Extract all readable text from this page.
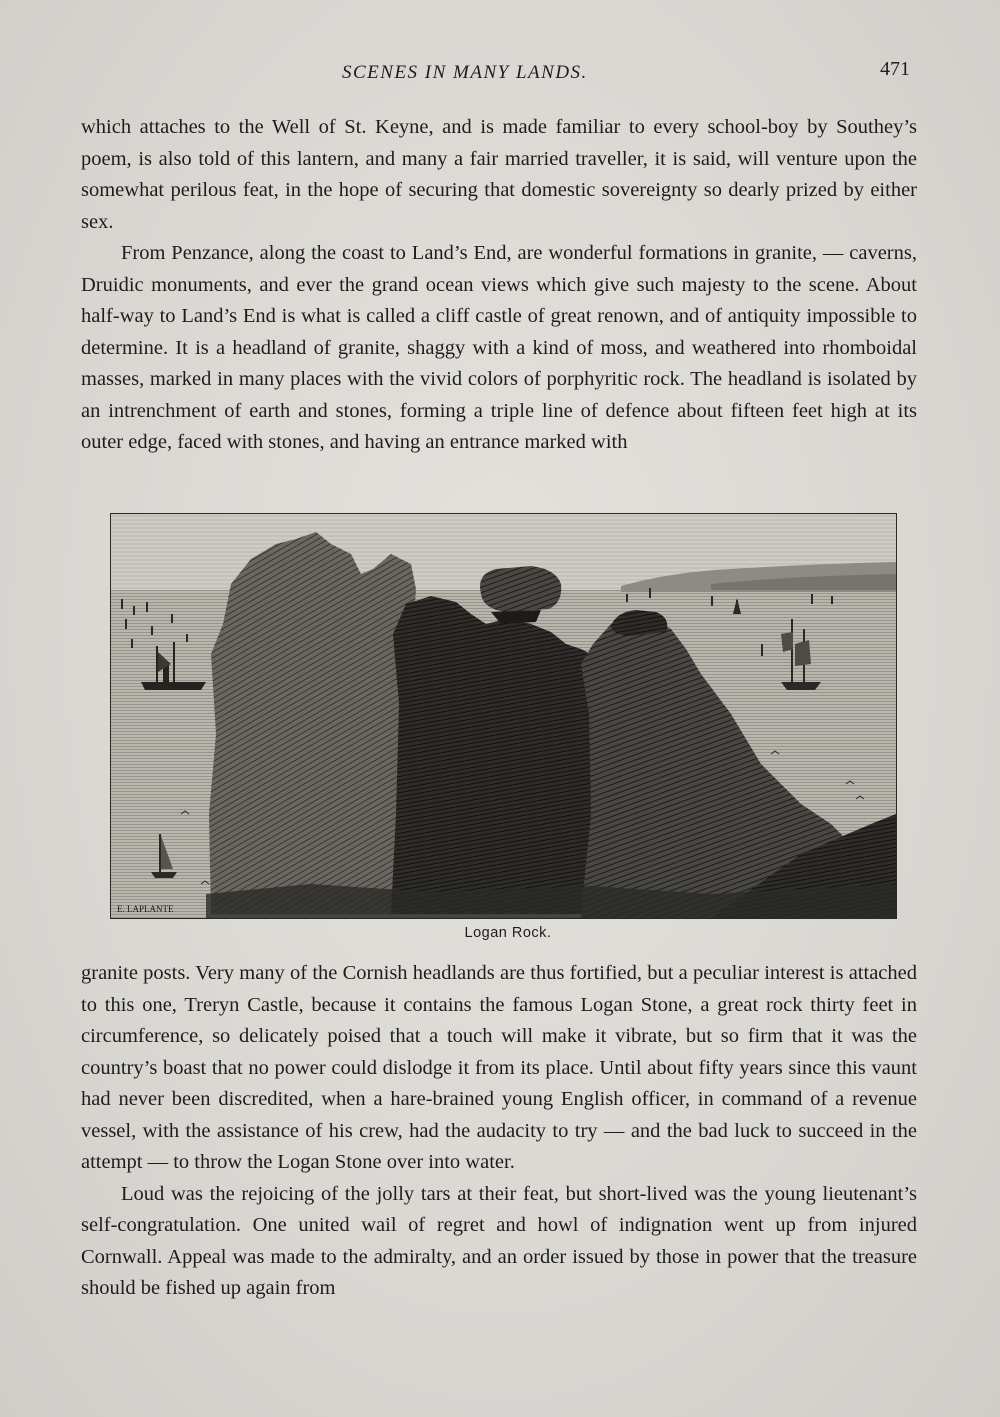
SCENES IN MANY LANDS.	471

which attaches to the Well of St. Keyne, and is made familiar to every school-boy by Southey’s poem, is also told of this lantern, and many a fair married traveller, it is said, will venture upon the somewhat perilous feat, in the hope of securing that domestic sovereignty so dearly prized by either sex.

From Penzance, along the coast to Land’s End, are wonderful formations in granite, — caverns, Druidic monuments, and ever the grand ocean views which give such majesty to the scene. About half-way to Land’s End is what is called a cliff castle of great renown, and of antiquity impossible to determine. It is a headland of granite, shaggy with a kind of moss, and weathered into rhomboidal masses, marked in many places with the vivid colors of porphyritic rock. The headland is isolated by an intrenchment of earth and stones, forming a triple line of defence about fifteen feet high at its outer edge, faced with stones, and having an entrance marked with

E. LAPLANTE
Logan Rock.

granite posts. Very many of the Cornish headlands are thus fortified, but a peculiar interest is attached to this one, Treryn Castle, because it contains the famous Logan Stone, a great rock thirty feet in circumference, so delicately poised that a touch will make it vibrate, but so firm that it was the country’s boast that no power could dislodge it from its place. Until about fifty years since this vaunt had never been discredited, when a hare-brained young English officer, in command of a revenue vessel, with the assistance of his crew, had the audacity to try — and the bad luck to succeed in the attempt — to throw the Logan Stone over into water.

Loud was the rejoicing of the jolly tars at their feat, but short-lived was the young lieutenant’s self-congratulation. One united wail of regret and howl of indignation went up from injured Cornwall. Appeal was made to the admiralty, and an order issued by those in power that the treasure should be fished up again from
